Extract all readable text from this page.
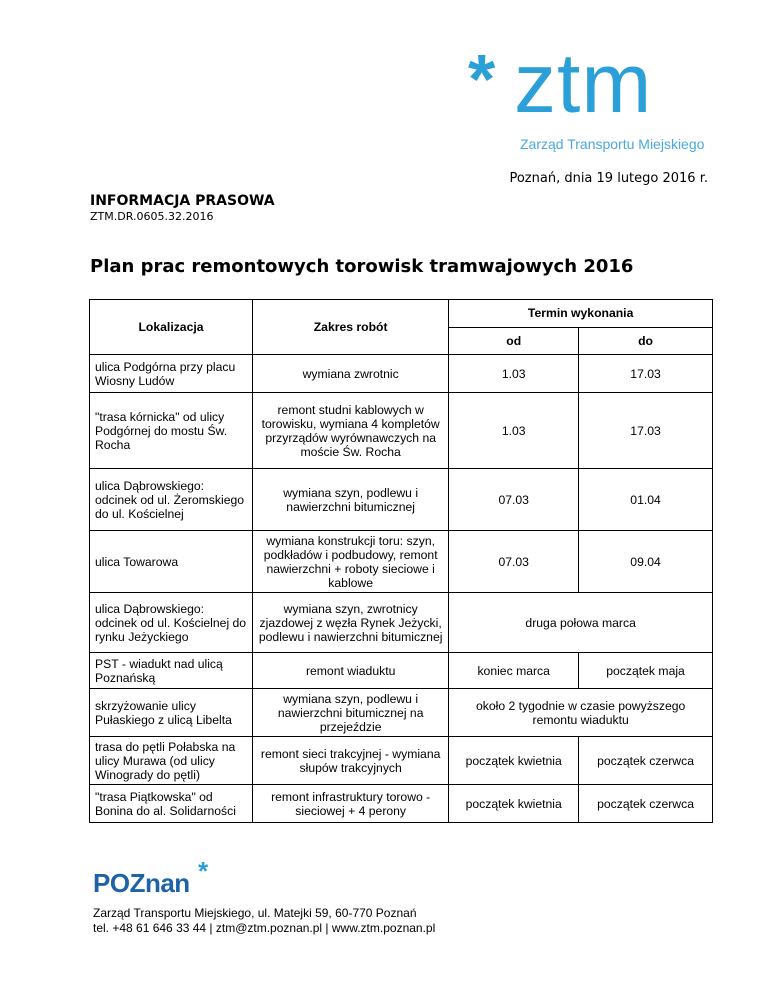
* ztm
Zarząd Transportu Miejskiego
Poznań, dnia 19 lutego 2016 r.
INFORMACJA PRASOWA
ZTM.DR.0605.32.2016
Plan prac remontowych torowisk tramwajowych 2016
Lokalizacja	Zakres robót	Termin wykonania	
		od	do
ulica Podgórna przy placu Wiosny Ludów	wymiana zwrotnic	1.03	17.03
"trasa kórnicka" od ulicy Podgórnej do mostu Św. Rocha	remont studni kablowych w torowisku, wymiana 4 kompletów przyrządów wyrównawczych na moście Św. Rocha	1.03	17.03
ulica Dąbrowskiego: odcinek od ul. Żeromskiego do ul. Kościelnej	wymiana szyn, podlewu i nawierzchni bitumicznej	07.03	01.04
ulica Towarowa	wymiana konstrukcji toru: szyn, podkładów i podbudowy, remont nawierzchni + roboty sieciowe i kablowe	07.03	09.04
ulica Dąbrowskiego: odcinek od ul. Kościelnej do rynku Jeżyckiego	wymiana szyn, zwrotnicy zjazdowej z węzła Rynek Jeżycki, podlewu i nawierzchni bitumicznej	druga połowa marca	
PST - wiadukt nad ulicą Poznańską	remont wiaduktu	koniec marca	początek maja
skrzyżowanie ulicy Pułaskiego z ulicą Libelta	wymiana szyn, podlewu i nawierzchni bitumicznej na przejeździe	około 2 tygodnie w czasie powyższego remontu wiaduktu	
trasa do pętli Połabska na ulicy Murawa (od ulicy Winogrady do pętli)	remont sieci trakcyjnej - wymiana słupów trakcyjnych	początek kwietnia	początek czerwca
"trasa Piątkowska" od Bonina do al. Solidarności	remont infrastruktury torowo - sieciowej + 4 perony	początek kwietnia	początek czerwca
POZnan *
Zarząd Transportu Miejskiego, ul. Matejki 59, 60-770 Poznań
tel. +48 61 646 33 44 | ztm@ztm.poznan.pl | www.ztm.poznan.pl
